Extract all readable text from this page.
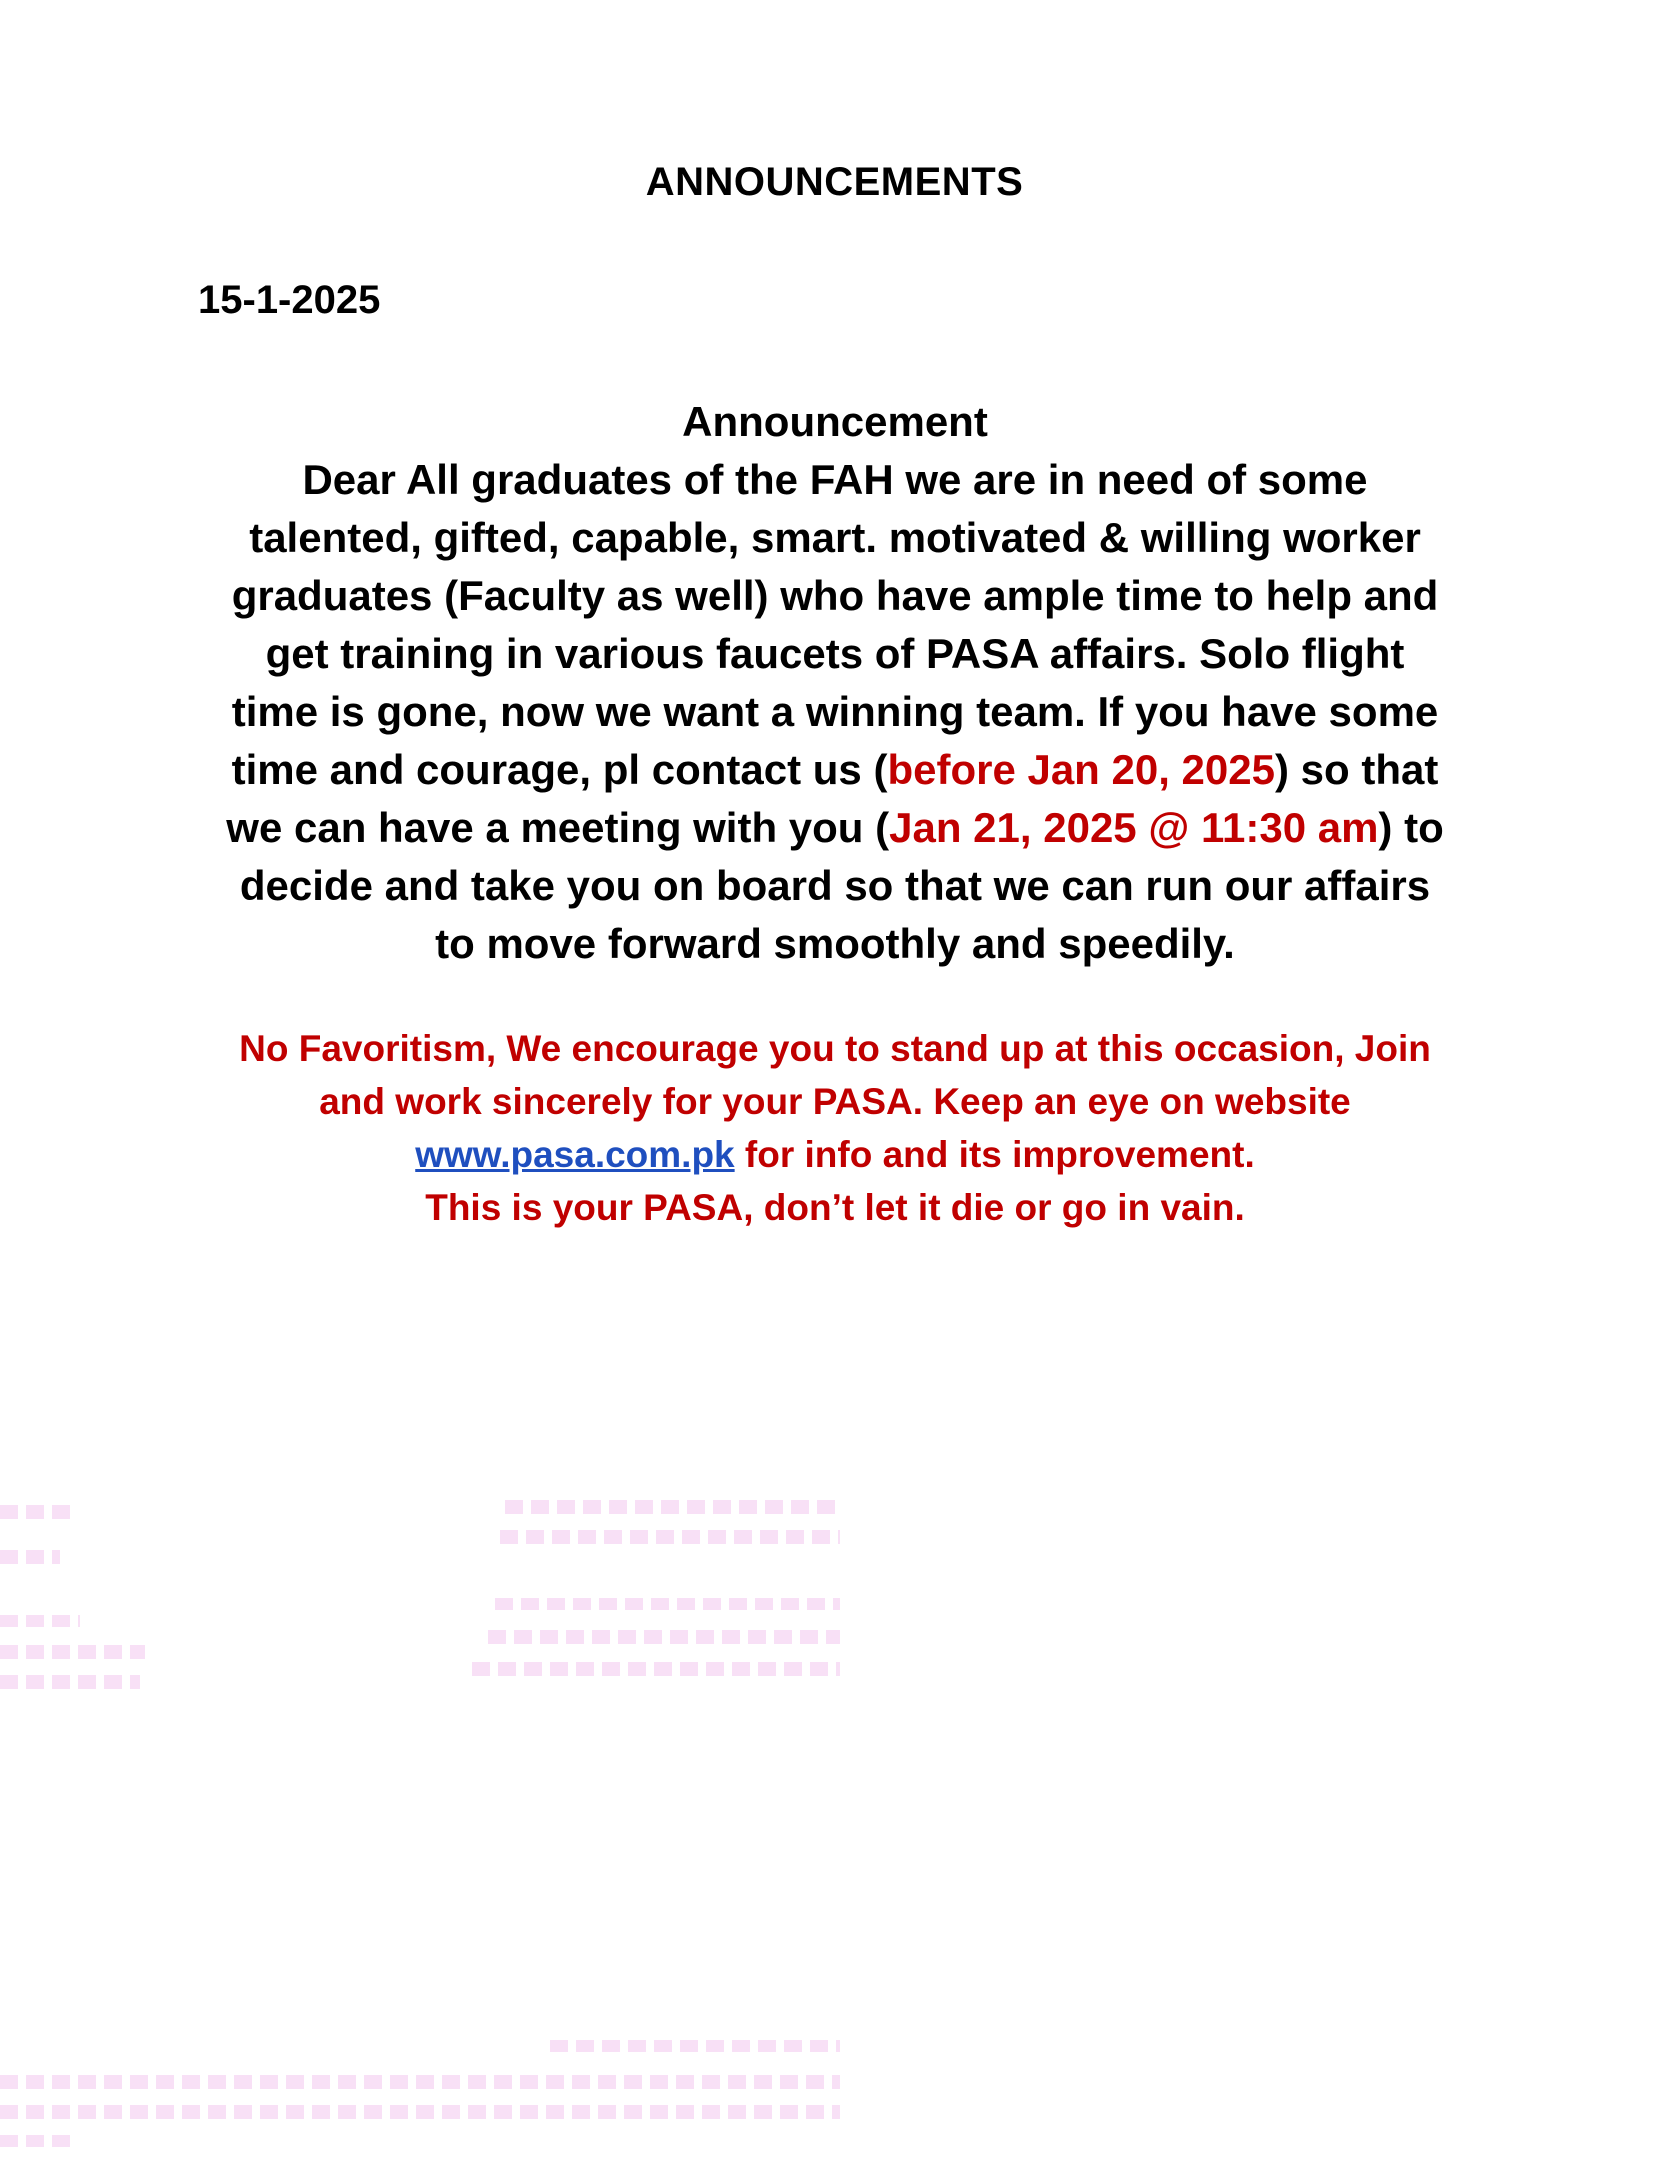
ANNOUNCEMENTS

15-1-2025

Announcement
Dear All graduates of the FAH we are in need of some
talented, gifted, capable, smart. motivated & willing worker
graduates (Faculty as well) who have ample time to help and
get training in various faucets of PASA affairs. Solo flight
time is gone, now we want a winning team. If you have some
time and courage, pl contact us (before Jan 20, 2025) so that
we can have a meeting with you (Jan 21, 2025 @ 11:30 am) to
decide and take you on board so that we can run our affairs
to move forward smoothly and speedily.
No Favoritism, We encourage you to stand up at this occasion, Join
and work sincerely for your PASA. Keep an eye on website
www.pasa.com.pk for info and its improvement.
This is your PASA, don’t let it die or go in vain.
